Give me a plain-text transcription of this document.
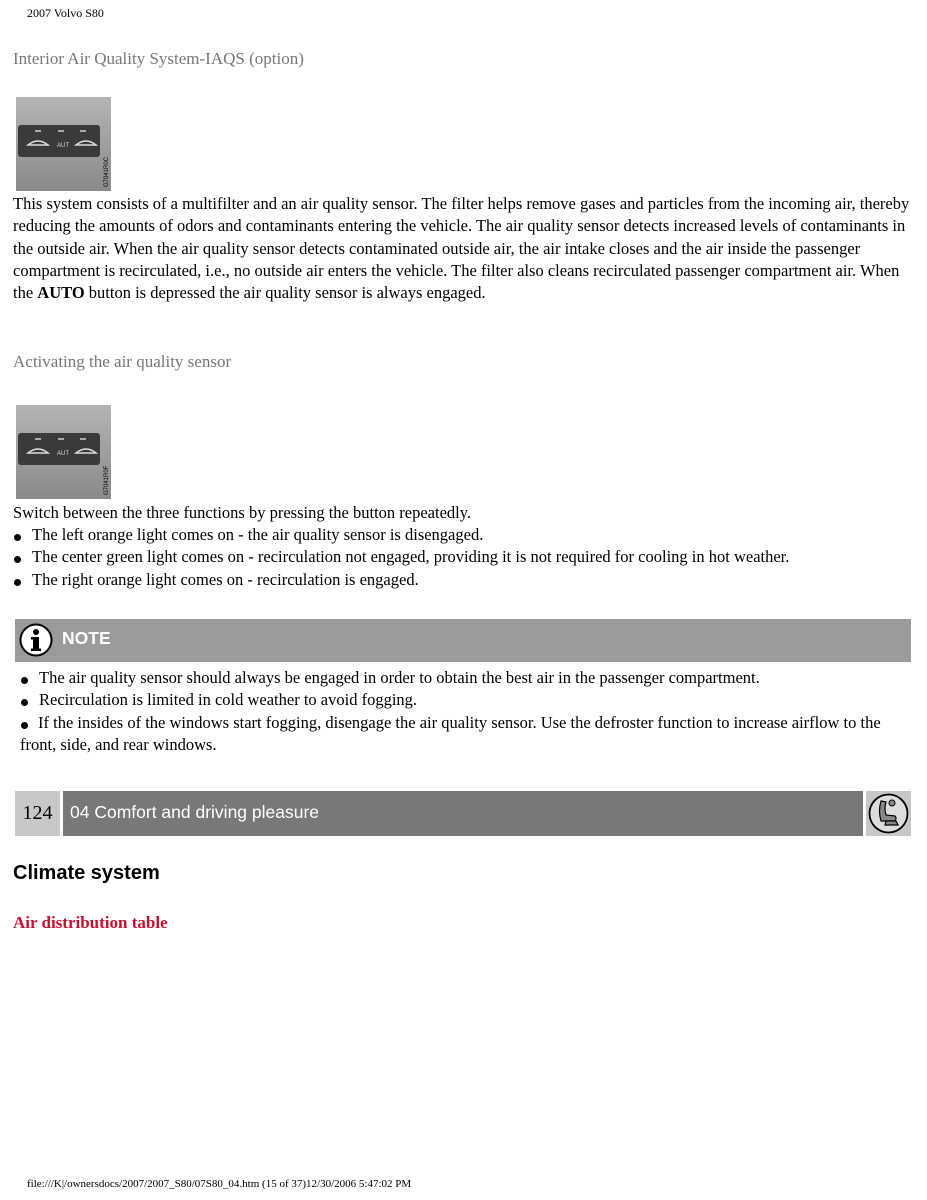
2007 Volvo S80
Interior Air Quality System-IAQS (option)
AUT
G7041R0C
This system consists of a multifilter and an air quality sensor. The filter helps remove gases and particles from the incoming air, thereby reducing the amounts of odors and contaminants entering the vehicle. The air quality sensor detects increased levels of contaminants in the outside air. When the air quality sensor detects contaminated outside air, the air intake closes and the air inside the passenger compartment is recirculated, i.e., no outside air enters the vehicle. The filter also cleans recirculated passenger compartment air. When the AUTO button is depressed the air quality sensor is always engaged.
Activating the air quality sensor
AUT
G7041R0F
Switch between the three functions by pressing the button repeatedly.
The left orange light comes on - the air quality sensor is disengaged.
The center green light comes on - recirculation not engaged, providing it is not required for cooling in hot weather.
The right orange light comes on - recirculation is engaged.
NOTE
The air quality sensor should always be engaged in order to obtain the best air in the passenger compartment.
Recirculation is limited in cold weather to avoid fogging.
If the insides of the windows start fogging, disengage the air quality sensor. Use the defroster function to increase airflow to the front, side, and rear windows.
124	04 Comfort and driving pleasure
Climate system
Air distribution table
file:///K|/ownersdocs/2007/2007_S80/07S80_04.htm (15 of 37)12/30/2006 5:47:02 PM
